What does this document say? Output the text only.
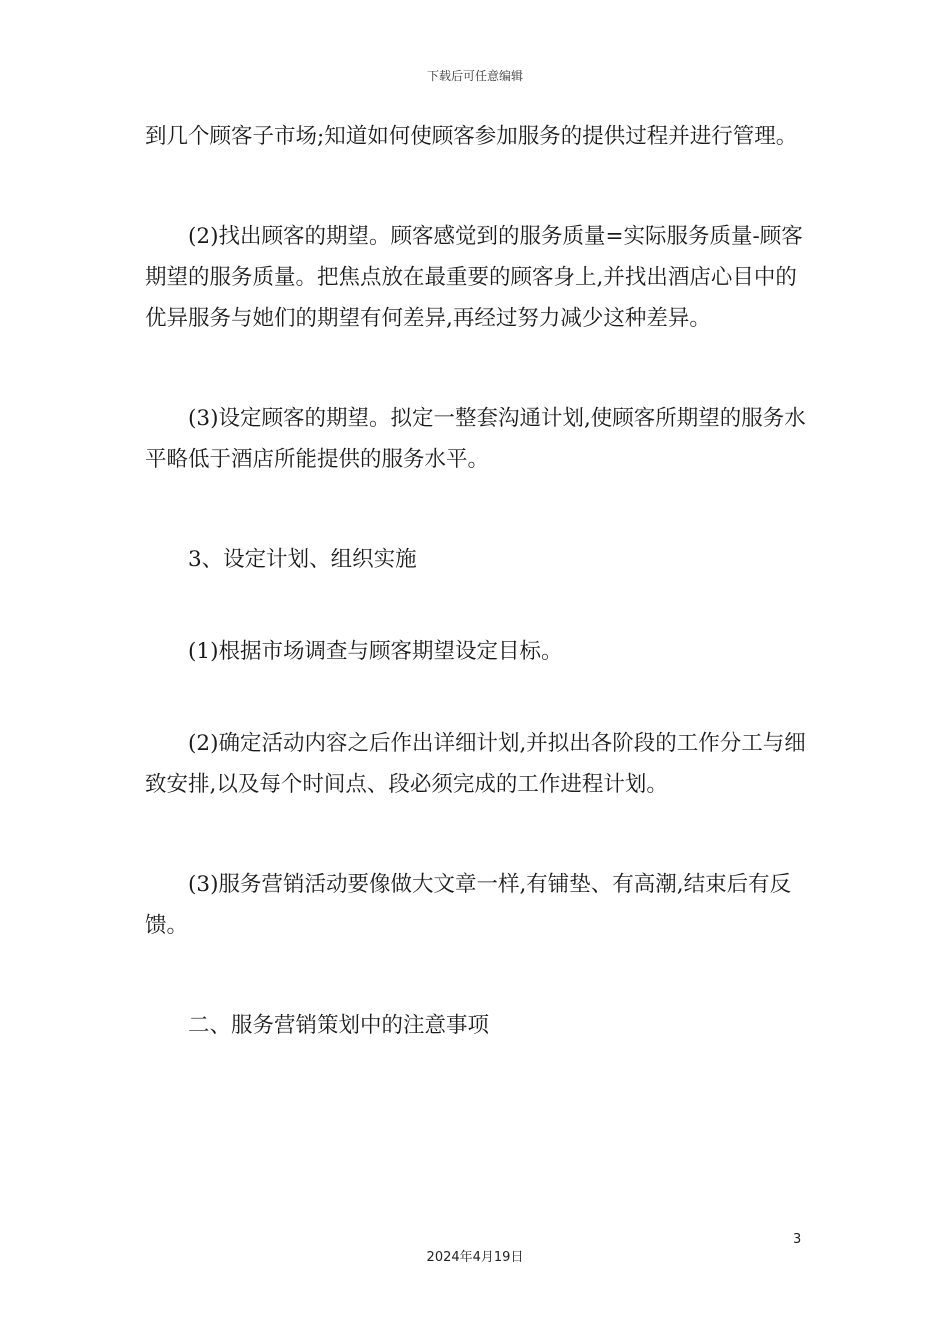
下载后可任意编辑

到几个顾客子市场;知道如何使顾客参加服务的提供过程并进行管理。

(2)找出顾客的期望。顾客感觉到的服务质量=实际服务质量-顾客期望的服务质量。把焦点放在最重要的顾客身上,并找出酒店心目中的优异服务与她们的期望有何差异,再经过努力减少这种差异。

(3)设定顾客的期望。拟定一整套沟通计划,使顾客所期望的服务水平略低于酒店所能提供的服务水平。

3、设定计划、组织实施

(1)根据市场调查与顾客期望设定目标。

(2)确定活动内容之后作出详细计划,并拟出各阶段的工作分工与细致安排,以及每个时间点、段必须完成的工作进程计划。

(3)服务营销活动要像做大文章一样,有铺垫、有高潮,结束后有反馈。

二、服务营销策划中的注意事项

3
2024年4月19日
